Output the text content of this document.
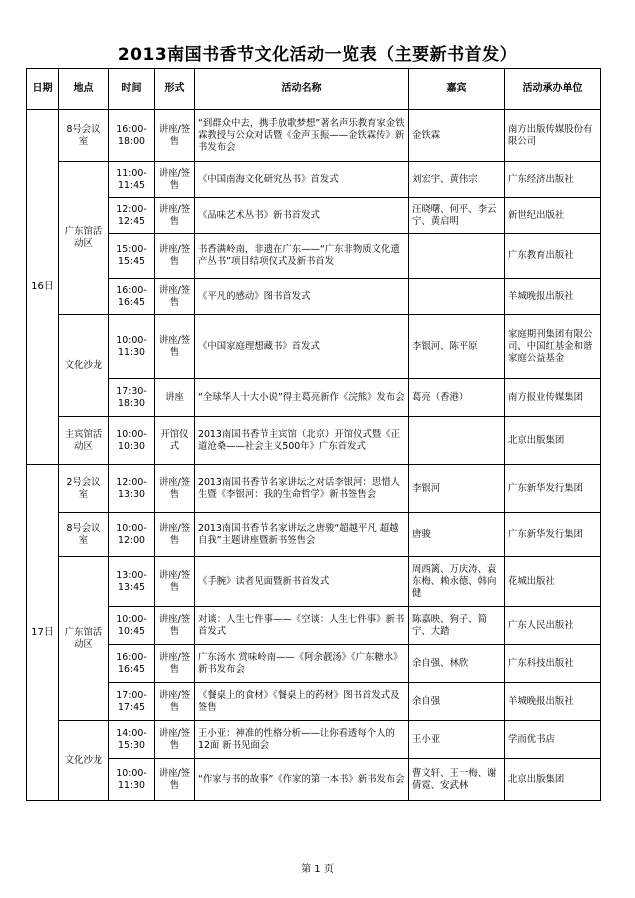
2013南国书香节文化活动一览表（主要新书首发）
日期	地点	时间	形式	活动名称	嘉宾	活动承办单位
16日	8号会议室	16:00-18:00	讲座/签售	“到群众中去，携手放歌梦想”著名声乐教育家金铁霖教授与公众对话暨《金声玉振——金铁霖传》新书发布会	金铁霖	南方出版传媒股份有限公司
	广东馆活动区	11:00-11:45	讲座/签售	《中国南海文化研究丛书》首发式	刘宏宇、黄伟宗	广东经济出版社
		12:00-12:45	讲座/签售	《品味艺术丛书》新书首发式	汪晓曙、何平、李云宁、黄启明	新世纪出版社
		15:00-15:45	讲座/签售	书香满岭南，非遗在广东——“广东非物质文化遗产丛书”项目结项仪式及新书首发		广东教育出版社
		16:00-16:45	讲座/签售	《平凡的感动》图书首发式		羊城晚报出版社
	文化沙龙	10:00-11:30	讲座/签售	《中国家庭理想藏书》首发式	李银河、陈平原	家庭期刊集团有限公司、中国红基金和谐家庭公益基金
		17:30-18:30	讲座	“全球华人十大小说”得主葛亮新作《浣熊》发布会	葛亮（香港）	南方报业传媒集团
	主宾馆活动区	10:00-10:30	开馆仪式	2013南国书香节主宾馆（北京）开馆仪式暨《正道沧桑——社会主义500年》广东首发式		北京出版集团
17日	2号会议室	12:00-13:30	讲座/签售	2013南国书香节名家讲坛之对话李银河：思惜人生暨《李银河：我的生命哲学》新书签售会	李银河	广东新华发行集团
	8号会议室	10:00-12:00	讲座/签售	2013南国书香节名家讲坛之唐骏“超越平凡 超越自我”主题讲座暨新书签售会	唐骏	广东新华发行集团
	广东馆活动区	13:00-13:45	讲座/签售	《手腕》读者见面暨新书首发式	周西篱、万庆涛、袁东梅、赖永德、韩向健	花城出版社
		10:00-10:45	讲座/签售	对谈：人生七件事——《空谈：人生七件事》新书首发式	陈嘉映、狗子、简宁、大踏	广东人民出版社
		16:00-16:45	讲座/签售	广东汤水 赏味岭南——《阿余靓汤》《广东糖水》新书发布会	余自强、林欣	广东科技出版社
		17:00-17:45	讲座/签售	《餐桌上的食材》《餐桌上的药材》图书首发式及签售	余自强	羊城晚报出版社
	文化沙龙	14:00-15:30	讲座/签售	王小亚：神准的性格分析——让你看透每个人的12面 新书见面会	王小亚	学而优书店
		10:00-11:30	讲座/签售	“作家与书的故事”《作家的第一本书》新书发布会	曹文轩、王一梅、谢倩霓、安武林	北京出版集团
第 1 页
